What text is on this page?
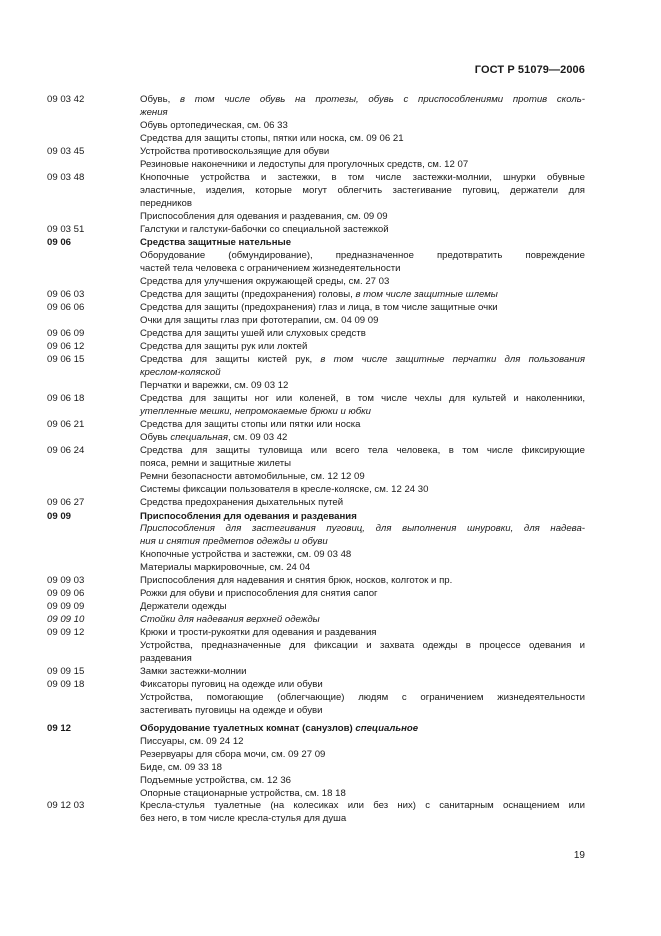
ГОСТ Р 51079—2006
09 03 42	Обувь, в том числе обувь на протезы, обувь с приспособлениями против сколь-
жения
Обувь ортопедическая, см. 06 33
Средства для защиты стопы, пятки или носка, см. 09 06 21
09 03 45	Устройства противоскользящие для обуви
Резиновые наконечники и ледоступы для прогулочных средств, см. 12 07
09 03 48	Кнопочные устройства и застежки, в том числе застежки-молнии, шнурки обувные
эластичные, изделия, которые могут облегчить застегивание пуговиц, держатели для
передников
Приспособления для одевания и раздевания, см. 09 09
09 03 51	Галстуки и галстуки-бабочки со специальной застежкой
09 06	Средства защитные нательные
Оборудование (обмундирование), предназначенное предотвратить повреждение
частей тела человека с ограничением жизнедеятельности
Средства для улучшения окружающей среды, см. 27 03
09 06 03	Средства для защиты (предохранения) головы, в том числе защитные шлемы
09 06 06	Средства для защиты (предохранения) глаз и лица, в том числе защитные очки
Очки для защиты глаз при фототерапии, см. 04 09 09
09 06 09	Средства для защиты ушей или слуховых средств
09 06 12	Средства для защиты рук или локтей
09 06 15	Средства для защиты кистей рук, в том числе защитные перчатки для пользования
креслом-коляской
Перчатки и варежки, см. 09 03 12
09 06 18	Средства для защиты ног или коленей, в том числе чехлы для культей и наколенники,
утепленные мешки, непромокаемые брюки и юбки
09 06 21	Средства для защиты стопы или пятки или носка
Обувь специальная, см. 09 03 42
09 06 24	Средства для защиты туловища или всего тела человека, в том числе фиксирующие
пояса, ремни и защитные жилеты
Ремни безопасности автомобильные, см. 12 12 09
Системы фиксации пользователя в кресле-коляске, см. 12 24 30
09 06 27	Средства предохранения дыхательных путей
09 09	Приспособления для одевания и раздевания
Приспособления для застегивания пуговиц, для выполнения шнуровки, для надева-
ния и снятия предметов одежды и обуви
Кнопочные устройства и застежки, см. 09 03 48
Материалы маркировочные, см. 24 04
09 09 03	Приспособления для надевания и снятия брюк, носков, колготок и пр.
09 09 06	Рожки для обуви и приспособления для снятия сапог
09 09 09	Держатели одежды
09 09 10	Стойки для надевания верхней одежды
09 09 12	Крюки и трости-рукоятки для одевания и раздевания
Устройства, предназначенные для фиксации и захвата одежды в процессе одевания и
раздевания
09 09 15	Замки застежки-молнии
09 09 18	Фиксаторы пуговиц на одежде или обуви
Устройства, помогающие (облегчающие) людям с ограничением жизнедеятельности
застегивать пуговицы на одежде и обуви
09 12	Оборудование туалетных комнат (санузлов) специальное
Писсуары, см. 09 24 12
Резервуары для сбора мочи, см. 09 27 09
Биде, см. 09 33 18
Подъемные устройства, см. 12 36
Опорные стационарные устройства, см. 18 18
09 12 03	Кресла-стулья туалетные (на колесиках или без них) с санитарным оснащением или
без него, в том числе кресла-стулья для душа
19
